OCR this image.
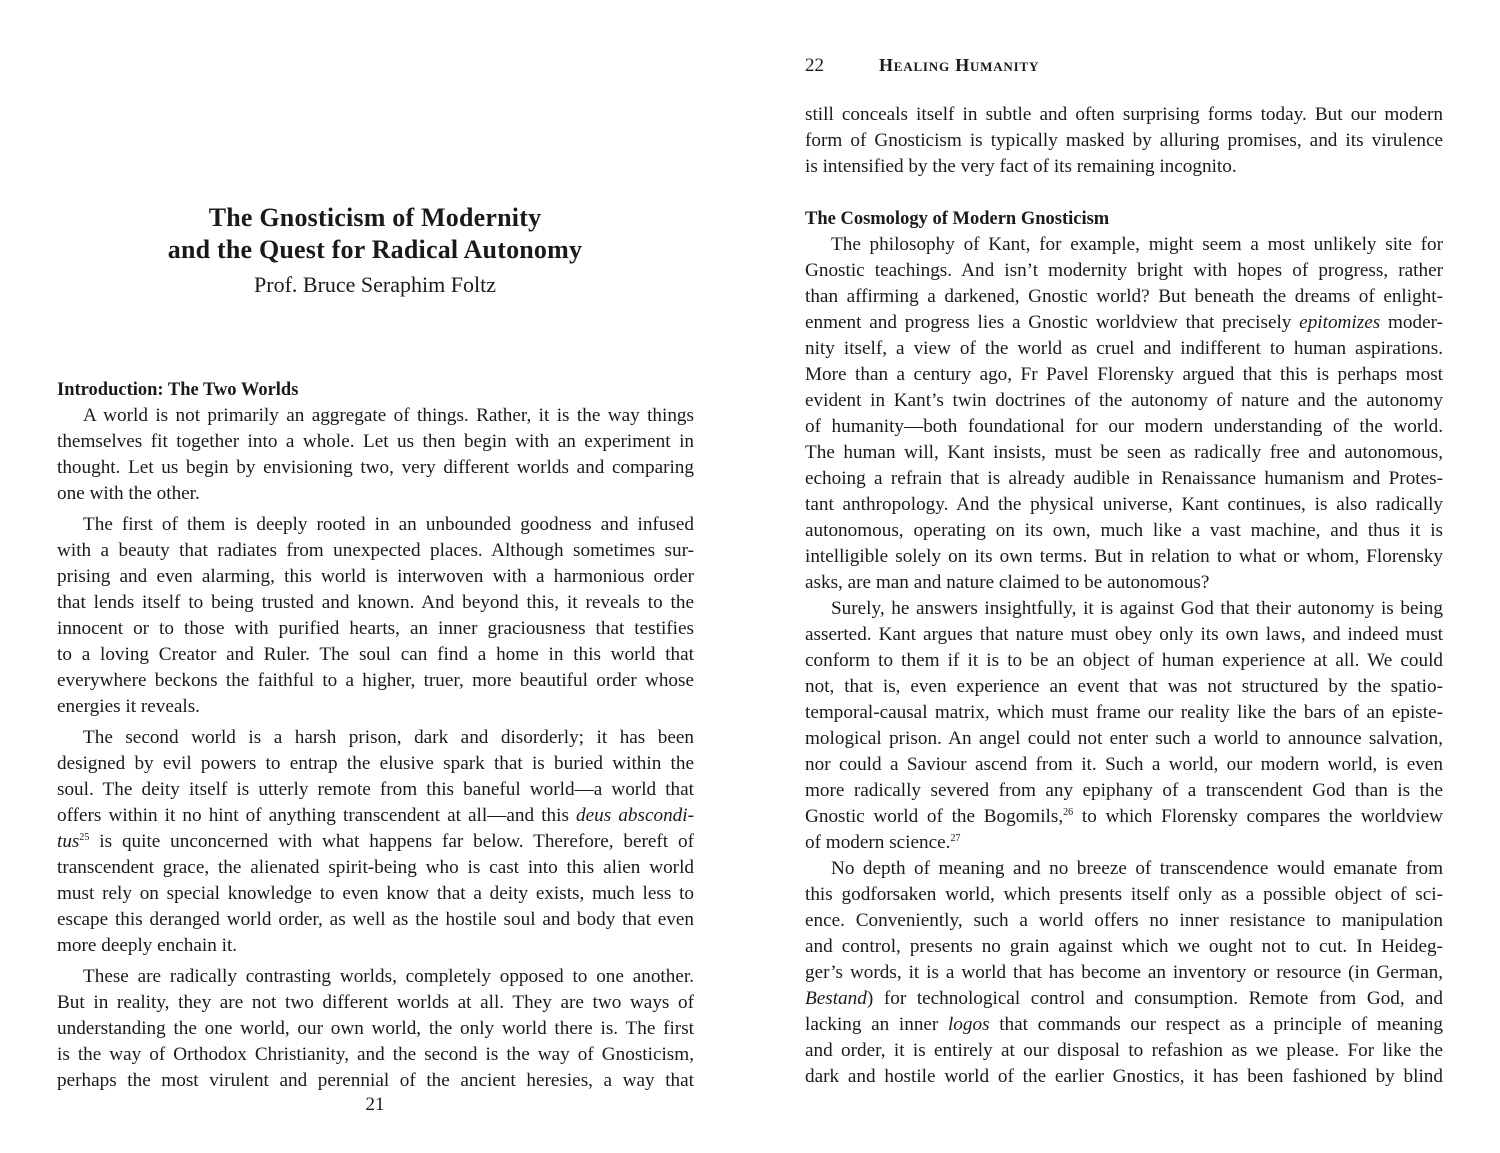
The Gnosticism of Modernity
and the Quest for Radical Autonomy
Prof. Bruce Seraphim Foltz
Introduction: The Two Worlds
A world is not primarily an aggregate of things. Rather, it is the way things
themselves fit together into a whole. Let us then begin with an experiment in
thought. Let us begin by envisioning two, very different worlds and comparing
one with the other.
The first of them is deeply rooted in an unbounded goodness and infused
with a beauty that radiates from unexpected places. Although sometimes sur-
prising and even alarming, this world is interwoven with a harmonious order
that lends itself to being trusted and known. And beyond this, it reveals to the
innocent or to those with purified hearts, an inner graciousness that testifies
to a loving Creator and Ruler. The soul can find a home in this world that
everywhere beckons the faithful to a higher, truer, more beautiful order whose
energies it reveals.
The second world is a harsh prison, dark and disorderly; it has been
designed by evil powers to entrap the elusive spark that is buried within the
soul. The deity itself is utterly remote from this baneful world—a world that
offers within it no hint of anything transcendent at all—and this deus abscondi-
tus$^{25}$ is quite unconcerned with what happens far below. Therefore, bereft of
transcendent grace, the alienated spirit-being who is cast into this alien world
must rely on special knowledge to even know that a deity exists, much less to
escape this deranged world order, as well as the hostile soul and body that even
more deeply enchain it.
These are radically contrasting worlds, completely opposed to one another.
But in reality, they are not two different worlds at all. They are two ways of
understanding the one world, our own world, the only world there is. The first
is the way of Orthodox Christianity, and the second is the way of Gnosticism,
perhaps the most virulent and perennial of the ancient heresies, a way that
21
22	Healing Humanity
still conceals itself in subtle and often surprising forms today. But our modern
form of Gnosticism is typically masked by alluring promises, and its virulence
is intensified by the very fact of its remaining incognito.
The Cosmology of Modern Gnosticism
The philosophy of Kant, for example, might seem a most unlikely site for
Gnostic teachings. And isn’t modernity bright with hopes of progress, rather
than affirming a darkened, Gnostic world? But beneath the dreams of enlight-
enment and progress lies a Gnostic worldview that precisely epitomizes moder-
nity itself, a view of the world as cruel and indifferent to human aspirations.
More than a century ago, Fr Pavel Florensky argued that this is perhaps most
evident in Kant’s twin doctrines of the autonomy of nature and the autonomy
of humanity—both foundational for our modern understanding of the world.
The human will, Kant insists, must be seen as radically free and autonomous,
echoing a refrain that is already audible in Renaissance humanism and Protes-
tant anthropology. And the physical universe, Kant continues, is also radically
autonomous, operating on its own, much like a vast machine, and thus it is
intelligible solely on its own terms. But in relation to what or whom, Florensky
asks, are man and nature claimed to be autonomous?
Surely, he answers insightfully, it is against God that their autonomy is being
asserted. Kant argues that nature must obey only its own laws, and indeed must
conform to them if it is to be an object of human experience at all. We could
not, that is, even experience an event that was not structured by the spatio-
temporal-causal matrix, which must frame our reality like the bars of an episte-
mological prison. An angel could not enter such a world to announce salvation,
nor could a Saviour ascend from it. Such a world, our modern world, is even
more radically severed from any epiphany of a transcendent God than is the
Gnostic world of the Bogomils,$^{26}$ to which Florensky compares the worldview
of modern science.$^{27}$
No depth of meaning and no breeze of transcendence would emanate from
this godforsaken world, which presents itself only as a possible object of sci-
ence. Conveniently, such a world offers no inner resistance to manipulation
and control, presents no grain against which we ought not to cut. In Heideg-
ger’s words, it is a world that has become an inventory or resource (in German,
Bestand) for technological control and consumption. Remote from God, and
lacking an inner logos that commands our respect as a principle of meaning
and order, it is entirely at our disposal to refashion as we please. For like the
dark and hostile world of the earlier Gnostics, it has been fashioned by blind
